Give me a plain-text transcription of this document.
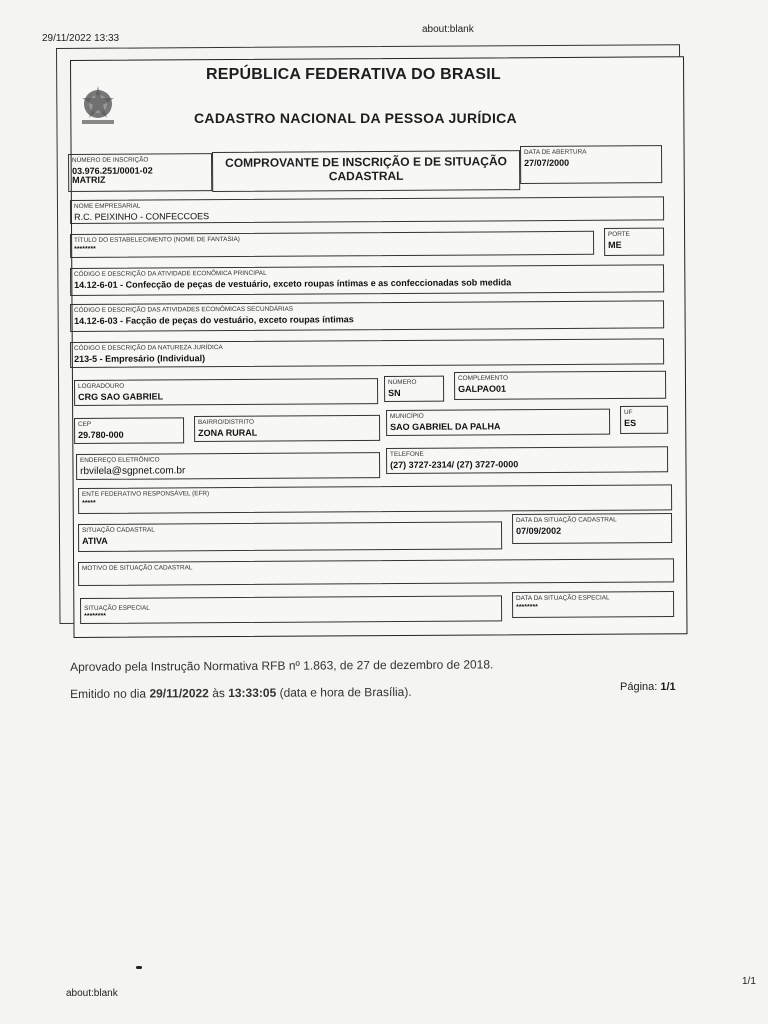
29/11/2022 13:33
about:blank
REPÚBLICA FEDERATIVA DO BRASIL
CADASTRO NACIONAL DA PESSOA JURÍDICA
NÚMERO DE INSCRIÇÃO
03.976.251/0001-02
MATRIZ
COMPROVANTE DE INSCRIÇÃO E DE SITUAÇÃO
CADASTRAL
DATA DE ABERTURA
27/07/2000
NOME EMPRESARIAL
R.C. PEIXINHO - CONFECCOES
TÍTULO DO ESTABELECIMENTO (NOME DE FANTASIA)
********
PORTE
ME
CÓDIGO E DESCRIÇÃO DA ATIVIDADE ECONÔMICA PRINCIPAL
14.12-6-01 - Confecção de peças de vestuário, exceto roupas íntimas e as confeccionadas sob medida
CÓDIGO E DESCRIÇÃO DAS ATIVIDADES ECONÔMICAS SECUNDÁRIAS
14.12-6-03 - Facção de peças do vestuário, exceto roupas íntimas
CÓDIGO E DESCRIÇÃO DA NATUREZA JURÍDICA
213-5 - Empresário (Individual)
LOGRADOURO
CRG SAO GABRIEL
NÚMERO
SN
COMPLEMENTO
GALPAO01
CEP
29.780-000
BAIRRO/DISTRITO
ZONA RURAL
MUNICÍPIO
SAO GABRIEL DA PALHA
UF
ES
ENDEREÇO ELETRÔNICO
rbvilela@sgpnet.com.br
TELEFONE
(27) 3727-2314/ (27) 3727-0000
ENTE FEDERATIVO RESPONSÁVEL (EFR)
*****
SITUAÇÃO CADASTRAL
ATIVA
DATA DA SITUAÇÃO CADASTRAL
07/09/2002
MOTIVO DE SITUAÇÃO CADASTRAL
SITUAÇÃO ESPECIAL
********
DATA DA SITUAÇÃO ESPECIAL
********
Aprovado pela Instrução Normativa RFB nº 1.863, de 27 de dezembro de 2018.
Emitido no dia 29/11/2022 às 13:33:05 (data e hora de Brasília).	Página: 1/1
about:blank
1/1
